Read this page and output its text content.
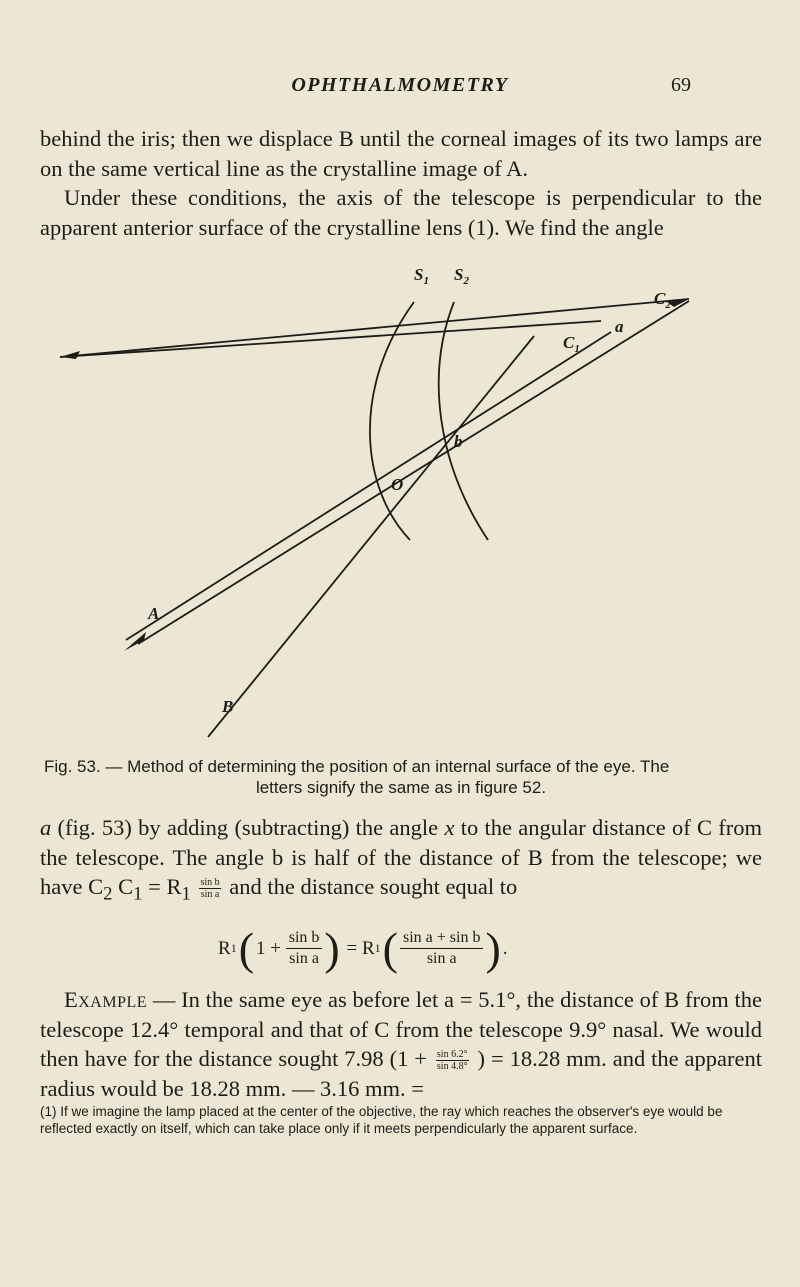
OPHTHALMOMETRY	69
behind the iris; then we displace B until the corneal images of its two lamps are on the same vertical line as the crystalline image of A.
Under these conditions, the axis of the telescope is perpendicular to the apparent anterior surface of the crystalline lens (1). We find the angle
$S_1$ $S_2$
$C_1$
$C_2$
a
b
O
A
B
Fig. 53. — Method of determining the position of an internal surface of the eye. The
letters signify the same as in figure 52.
a (fig. 53) by adding (subtracting) the angle x to the angular distance of C from the telescope. The angle b is half of the distance of B from the telescope; we have $C_2$ $C_1 = R_1 \frac{\text{sin b}}{\text{sin a}}$ and the distance sought equal to
R 1 ( 1 +
$\frac{\text{sin b}}{\text{sin a}}$ )
=
R 1 ( $\frac{\text{sin a + sin b}}{\text{sin a}}$ ) .
Example — In the same eye as before let a = 5.1°, the distance of B from the telescope 12.4° temporal and that of C from the telescope 9.9° nasal. We would then have for the distance sought 7.98 ($1 + \frac{\sin 6.2^\circ}{\sin 4.8^\circ}$ ) = 18.28 mm. and the apparent radius would be 18.28 mm. — 3.16 mm. =
(1) If we imagine the lamp placed at the center of the objective, the ray which reaches the observer's eye would be reflected exactly on itself, which can take place only if it meets perpendicularly the apparent surface.
